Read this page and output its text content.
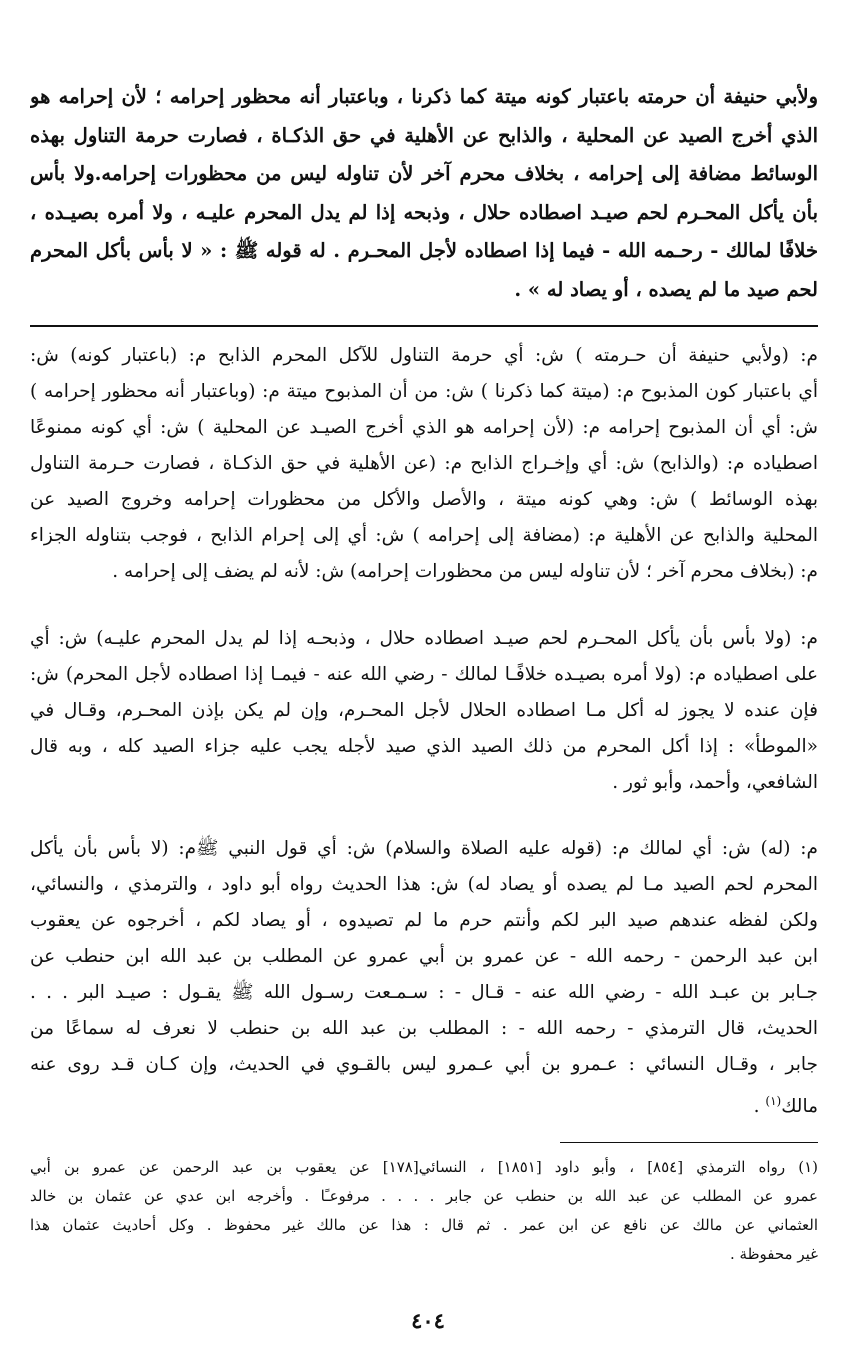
ولأبي حنيفة أن حرمته باعتبار كونه ميتة كما ذكرنا ، وباعتبار أنه محظور إحرامه ؛ لأن إحرامه هو
الذي أخرج الصيد عن المحلية ، والذابح عن الأهلية في حق الذكـاة ، فصارت حرمة التناول بهذه
الوسائط مضافة إلى إحرامه ، بخلاف محرم آخر لأن تناوله ليس من محظورات إحرامه.ولا بأس
بأن يأكل المحـرم لحم صيـد اصطاده حلال ، وذبحه إذا لم يدل المحرم عليـه ، ولا أمره بصيـده ،
خلافًا لمالك - رحـمه الله - فيما إذا اصطاده لأجل المحـرم . له قوله ﷺ : « لا بأس بأكل المحرم
لحم صيد ما لم يصده ، أو يصاد له » .
م: (ولأبي حنيفة أن حـرمته ) ش: أي حرمة التناول للآكل المحرم الذابح م: (باعتبار كونه) ش:
أي باعتبار كون المذبوح م: (ميتة كما ذكرنا ) ش: من أن المذبوح ميتة م: (وباعتبار أنه محظور إحرامه )
ش: أي أن المذبوح إحرامه م: (لأن إحرامه هو الذي أخرج الصيـد عن المحلية ) ش: أي كونه ممنوعًا
اصطياده م: (والذابح) ش: أي وإخـراج الذابح م: (عن الأهلية في حق الذكـاة ، فصارت حـرمة التناول
بهذه الوسائط ) ش: وهي كونه ميتة ، والأصل والأكل من محظورات إحرامه وخروج الصيد عن
المحلية والذابح عن الأهلية م: (مضافة إلى إحرامه ) ش: أي إلى إحرام الذابح ، فوجب بتناوله الجزاء
م: (بخلاف محرم آخر ؛ لأن تناوله ليس من محظورات إحرامه) ش: لأنه لم يضف إلى إحرامه .
م: (ولا بأس بأن يأكل المحـرم لحم صيـد اصطاده حلال ، وذبحـه إذا لم يدل المحرم عليـه) ش: أي
على اصطياده م: (ولا أمره بصيـده خلافًـا لمالك - رضي الله عنه - فيمـا إذا اصطاده لأجل المحرم) ش:
فإن عنده لا يجوز له أكل مـا اصطاده الحلال لأجل المحـرم، وإن لم يكن بإذن المحـرم، وقـال في
«الموطأ» : إذا أكل المحرم من ذلك الصيد الذي صيد لأجله يجب عليه جزاء الصيد كله ، وبه قال
الشافعي، وأحمد، وأبو ثور .
م: (له) ش: أي لمالك م: (قوله عليه الصلاة والسلام) ش: أي قول النبي ﷺم: (لا بأس بأن يأكل
المحرم لحم الصيد مـا لم يصده أو يصاد له) ش: هذا الحديث رواه أبو داود ، والترمذي ، والنسائي،
ولكن لفظه عندهم صيد البر لكم وأنتم حرم ما لم تصيدوه ، أو يصاد لكم ، أخرجوه عن يعقوب
ابن عبد الرحمن - رحمه الله - عن عمرو بن أبي عمرو عن المطلب بن عبد الله ابن حنطب عن
جـابر بن عبـد الله - رضي الله عنه - قـال - : سـمـعت رسـول الله ﷺ يقـول : صيـد البر . . .
الحديث، قال الترمذي - رحمه الله - : المطلب بن عبد الله بن حنطب لا نعرف له سماعًا من
جابر ، وقـال النسائي : عـمرو بن أبي عـمرو ليس بالقـوي في الحديث، وإن كـان قـد روى عنه
مالك$^{(١)}$ .
(١) رواه الترمذي [٨٥٤] ، وأبو داود [١٨٥١] ، النسائي[١٧٨] عن يعقوب بن عبد الرحمن عن عمرو بن أبي
عمرو عن المطلب عن عبد الله بن حنطب عن جابر . . . . مرفوعـًا . وأخرجه ابن عدي عن عثمان بن خالد
العثماني عن مالك عن نافع عن ابن عمر . ثم قال : هذا عن مالك غير محفوظ . وكل أحاديث عثمان هذا
غير محفوظة .
٤٠٤
